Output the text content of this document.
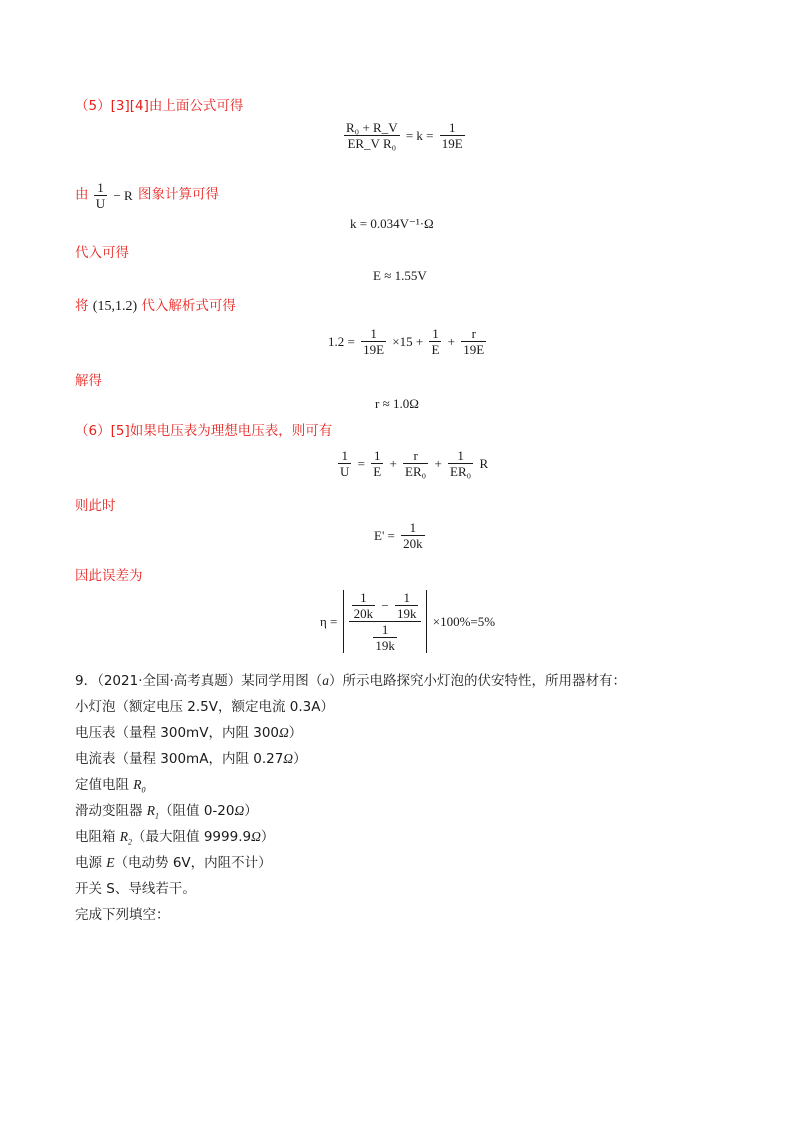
（5）[3][4]由上面公式可得
$\frac{\text{R₀ + R\_V}}{\text{ER\_V R₀}} = k = \frac{1}{19E}$
由 $\frac{1}{U} - R$ 图象计算可得
k = 0.034V⁻¹·Ω
代入可得
E ≈ 1.55V
将 (15,1.2) 代入解析式可得
$1.2 = \frac{1}{19E} \times 15 + \frac{1}{E} + \frac{r}{19E}$
解得
r ≈ 1.0Ω
（6）[5]如果电压表为理想电压表，则可有
$\frac{1}{U} = \frac{1}{E} + \frac{r}{\text{ER₀}} + \frac{1}{\text{ER₀}}$ R
则此时
$E' = \frac{1}{20k}$
因此误差为
$\eta = \frac{\frac{1}{20k} - \frac{1}{19k}}{\frac{1}{19k}} \times 100\%=5\%$
9．（2021·全国·高考真题）某同学用图（a）所示电路探究小灯泡的伏安特性，所用器材有：
小灯泡（额定电压 2.5V，额定电流 0.3A）
电压表（量程 300mV，内阻 300Ω）
电流表（量程 300mA，内阻 0.27Ω）
定值电阻 $R_0$
滑动变阻器 $R_1$（阻值 0-20Ω）
电阻箱 $R_2$（最大阻值 9999.9Ω）
电源 E（电动势 6V，内阻不计）
开关 S、导线若干。
完成下列填空：
